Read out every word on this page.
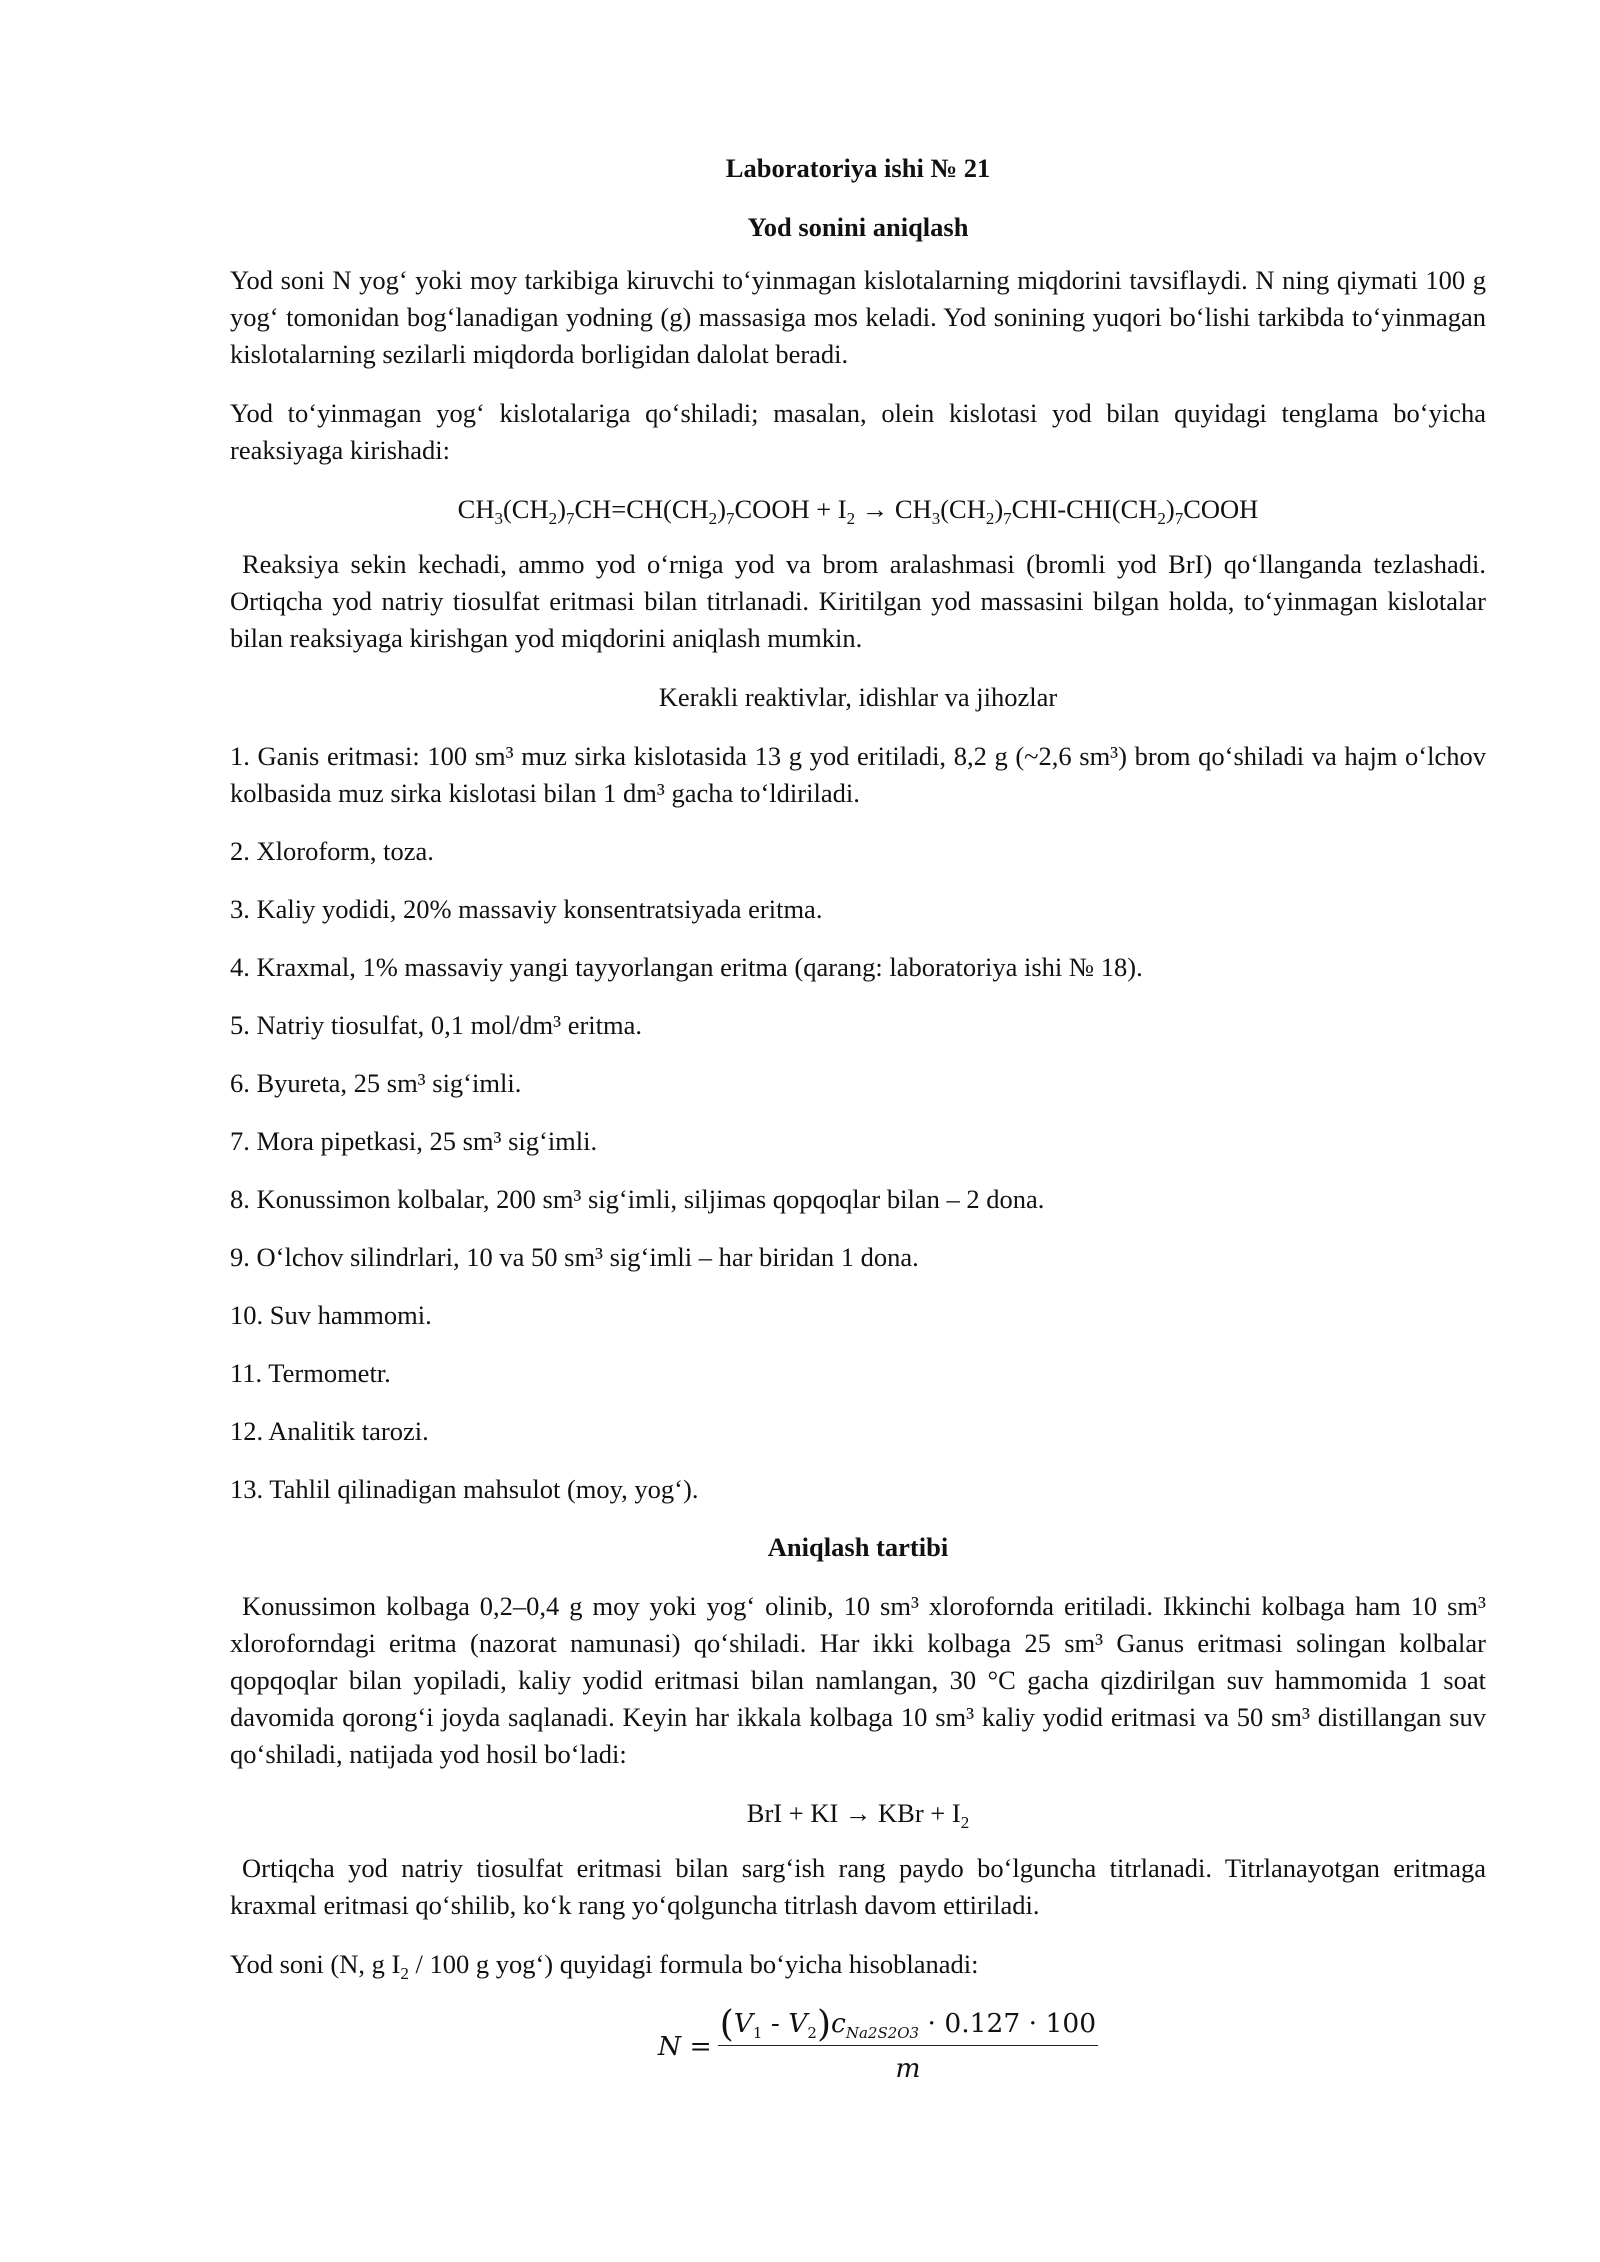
Laboratoriya ishi № 21

Yod sonini aniqlash

Yod soni N yog‘ yoki moy tarkibiga kiruvchi to‘yinmagan kislotalarning miqdorini tavsiflaydi. N ning qiymati 100 g yog‘ tomonidan bog‘lanadigan yodning (g) massasiga mos keladi. Yod sonining yuqori bo‘lishi tarkibda to‘yinmagan kislotalarning sezilarli miqdorda borligidan dalolat beradi.

Yod to‘yinmagan yog‘ kislotalariga qo‘shiladi; masalan, olein kislotasi yod bilan quyidagi tenglama bo‘yicha reaksiyaga kirishadi:

$CH_3(CH_2)_7CH=CH(CH_2)_7COOH + I_2$ → $CH_3(CH_2)_7CHI-CHI(CH_2)_7COOH$

Reaksiya sekin kechadi, ammo yod o‘rniga yod va brom aralashmasi (bromli yod BrI) qo‘llanganda tezlashadi. Ortiqcha yod natriy tiosulfat eritmasi bilan titrlanadi. Kiritilgan yod massasini bilgan holda, to‘yinmagan kislotalar bilan reaksiyaga kirishgan yod miqdorini aniqlash mumkin.

Kerakli reaktivlar, idishlar va jihozlar

1. Ganis eritmasi: 100 sm³ muz sirka kislotasida 13 g yod eritiladi, 8,2 g (~2,6 sm³) brom qo‘shiladi va hajm o‘lchov kolbasida muz sirka kislotasi bilan 1 dm³ gacha to‘ldiriladi.

2. Xloroform, toza.

3. Kaliy yodidi, 20% massaviy konsentratsiyada eritma.

4. Kraxmal, 1% massaviy yangi tayyorlangan eritma (qarang: laboratoriya ishi № 18).

5. Natriy tiosulfat, 0,1 mol/dm³ eritma.

6. Byureta, 25 sm³ sig‘imli.

7. Mora pipetkasi, 25 sm³ sig‘imli.

8. Konussimon kolbalar, 200 sm³ sig‘imli, siljimas qopqoqlar bilan – 2 dona.

9. O‘lchov silindrlari, 10 va 50 sm³ sig‘imli – har biridan 1 dona.

10. Suv hammomi.

11. Termometr.

12. Analitik tarozi.

13. Tahlil qilinadigan mahsulot (moy, yog‘).

Aniqlash tartibi

Konussimon kolbaga 0,2–0,4 g moy yoki yog‘ olinib, 10 sm³ xlorofornda eritiladi. Ikkinchi kolbaga ham 10 sm³ xloroforndagi eritma (nazorat namunasi) qo‘shiladi. Har ikki kolbaga 25 sm³ Ganus eritmasi solingan kolbalar qopqoqlar bilan yopiladi, kaliy yodid eritmasi bilan namlangan, 30 °C gacha qizdirilgan suv hammomida 1 soat davomida qorong‘i joyda saqlanadi. Keyin har ikkala kolbaga 10 sm³ kaliy yodid eritmasi va 50 sm³ distillangan suv qo‘shiladi, natijada yod hosil bo‘ladi:

BrI + KI → KBr + $I_2$

Ortiqcha yod natriy tiosulfat eritmasi bilan sarg‘ish rang paydo bo‘lguncha titrlanadi. Titrlanayotgan eritmaga kraxmal eritmasi qo‘shilib, ko‘k rang yo‘qolguncha titrlash davom ettiriladi.

Yod soni (N, g $I_2 / 100$ g yog‘) quyidagi formula bo‘yicha hisoblanadi:

$N = \frac{(V_1 - V_2)c_{Na2S2O3} \cdot 0.127 \cdot 100}{m}$
